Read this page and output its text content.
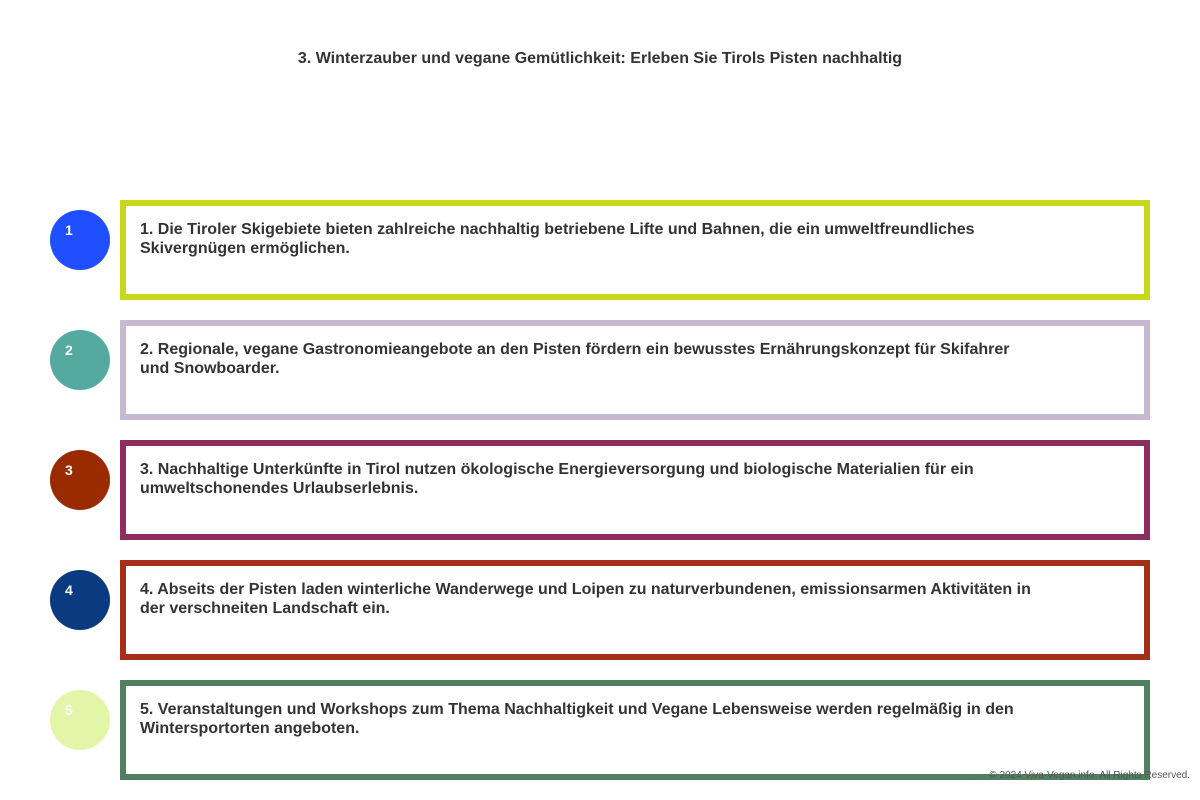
3. Winterzauber und vegane Gemütlichkeit: Erleben Sie Tirols Pisten nachhaltig
1	1. Die Tiroler Skigebiete bieten zahlreiche nachhaltig betriebene Lifte und Bahnen, die ein umweltfreundliches Skivergnügen ermöglichen.
2	2. Regionale, vegane Gastronomieangebote an den Pisten fördern ein bewusstes Ernährungskonzept für Skifahrer und Snowboarder.
3	3. Nachhaltige Unterkünfte in Tirol nutzen ökologische Energieversorgung und biologische Materialien für ein umweltschonendes Urlaubserlebnis.
4	4. Abseits der Pisten laden winterliche Wanderwege und Loipen zu naturverbundenen, emissionsarmen Aktivitäten in der verschneiten Landschaft ein.
5	5. Veranstaltungen und Workshops zum Thema Nachhaltigkeit und Vegane Lebensweise werden regelmäßig in den Wintersportorten angeboten.
© 2024 Viva-Vegan.info. All Rights Reserved.
